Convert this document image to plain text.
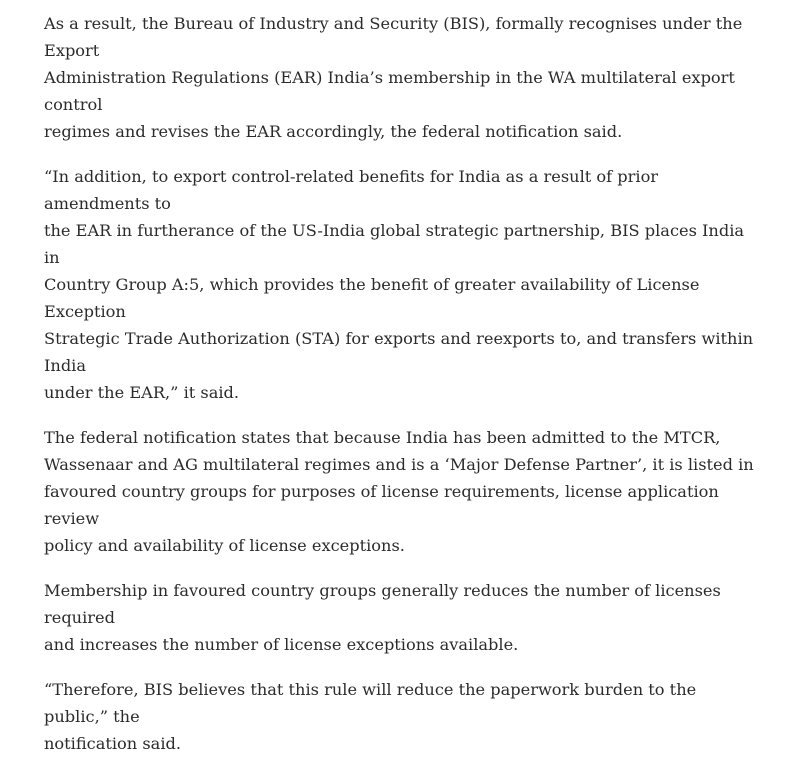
As a result, the Bureau of Industry and Security (BIS), formally recognises under the Export
Administration Regulations (EAR) India’s membership in the WA multilateral export control
regimes and revises the EAR accordingly, the federal notification said.

“In addition, to export control-related benefits for India as a result of prior amendments to
the EAR in furtherance of the US-India global strategic partnership, BIS places India in
Country Group A:5, which provides the benefit of greater availability of License Exception
Strategic Trade Authorization (STA) for exports and reexports to, and transfers within India
under the EAR,” it said.

The federal notification states that because India has been admitted to the MTCR,
Wassenaar and AG multilateral regimes and is a ‘Major Defense Partner’, it is listed in
favoured country groups for purposes of license requirements, license application review
policy and availability of license exceptions.

Membership in favoured country groups generally reduces the number of licenses required
and increases the number of license exceptions available.

“Therefore, BIS believes that this rule will reduce the paperwork burden to the public,” the
notification said.
